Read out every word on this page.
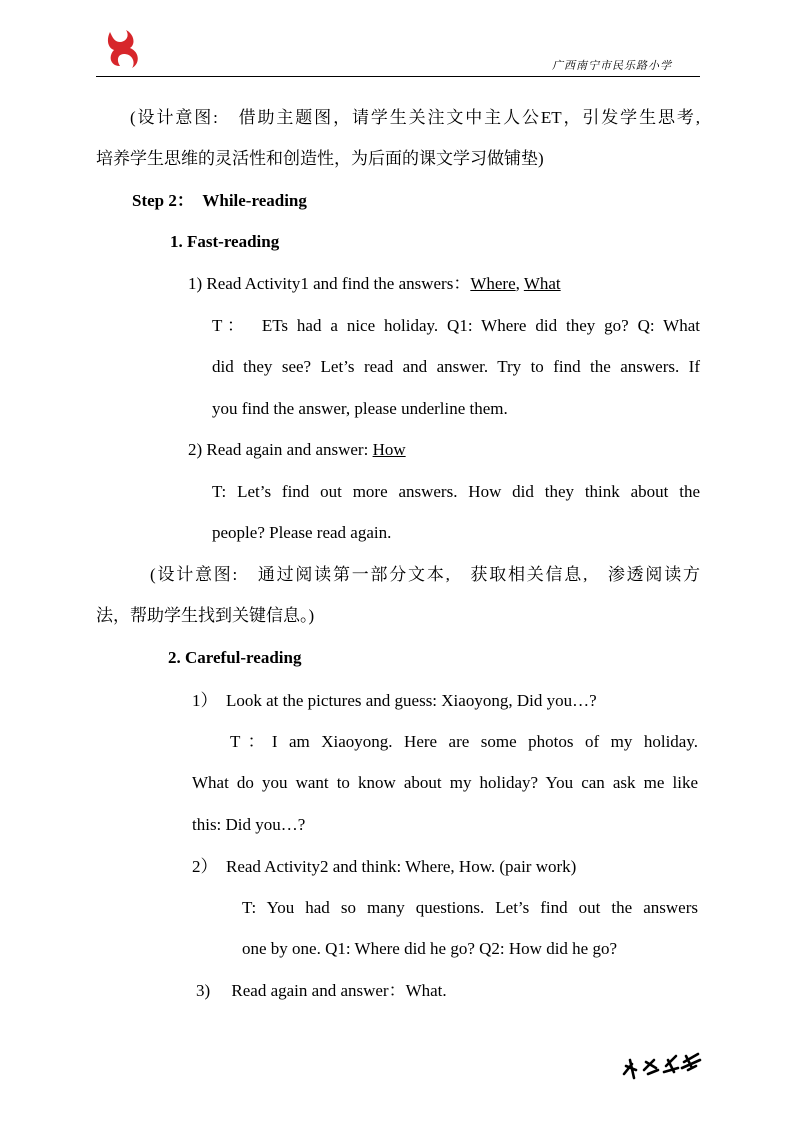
广西南宁市民乐路小学
(设计意图:　借助主题图，请学生关注文中主人公ET，引发学生思考,
培养学生思维的灵活性和创造性，为后面的课文学习做铺垫)
Step 2：　While-reading
1. Fast-reading
1) Read Activity1 and find the answers：Where, What
T：　ETs had a nice holiday. Q1: Where did they go? Q: What
did they see? Let’s read and answer. Try to find the answers. If
you find the answer, please underline them.
2) Read again and answer: How
T: Let’s find out more answers. How did they think about the
people? Please read again.
(设计意图:　通过阅读第一部分文本,　获取相关信息,　渗透阅读方
法，帮助学生找到关键信息。)
2. Careful-reading
1）　Look at the pictures and guess: Xiaoyong, Did you…?
T：I am Xiaoyong. Here are some photos of my holiday.
What do you want to know about my holiday? You can ask me like
this: Did you…?
2）　Read Activity2 and think: Where, How. (pair work)
T: You had so many questions. Let’s find out the answers
one by one. Q1: Where did he go? Q2: How did he go?
3)　 Read again and answer：What.
